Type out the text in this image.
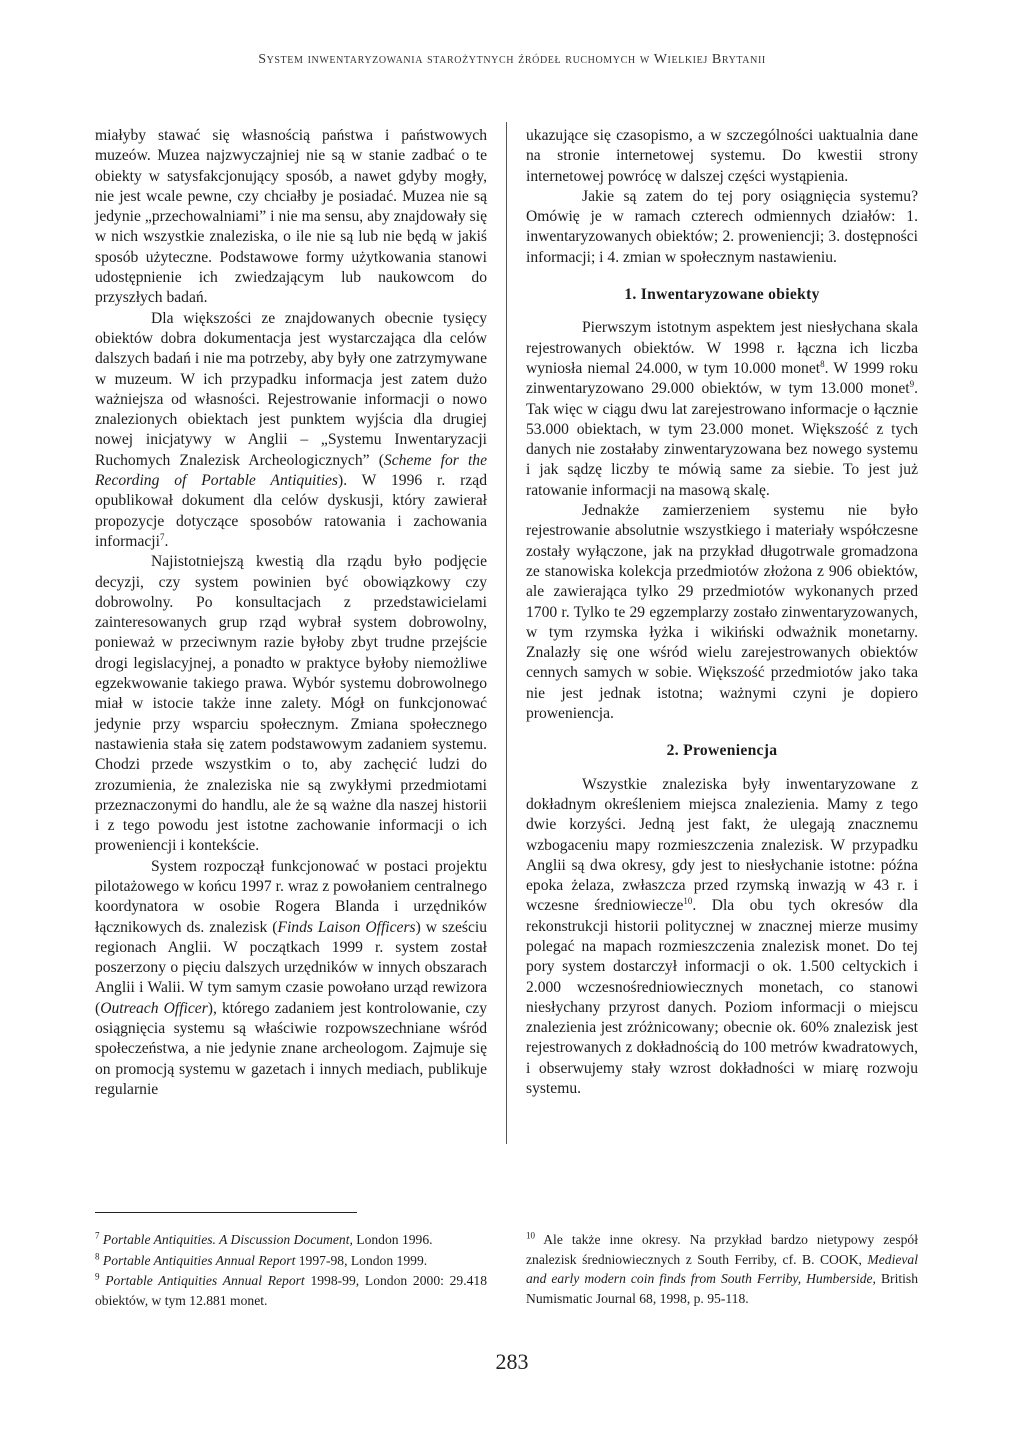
System inwentaryzowania starożytnych źródeł ruchomych w Wielkiej Brytanii

miałyby stawać się własnością państwa i państwowych muzeów. Muzea najzwyczajniej nie są w stanie zadbać o te obiekty w satysfakcjonujący sposób, a nawet gdyby mogły, nie jest wcale pewne, czy chciałby je posiadać. Muzea nie są jedynie „przechowalniami” i nie ma sensu, aby znajdowały się w nich wszystkie znaleziska, o ile nie są lub nie będą w jakiś sposób użyteczne. Podstawowe formy użytkowania stanowi udostępnienie ich zwiedzającym lub naukowcom do przyszłych badań.

Dla większości ze znajdowanych obecnie tysięcy obiektów dobra dokumentacja jest wystarczająca dla celów dalszych badań i nie ma potrzeby, aby były one zatrzymywane w muzeum. W ich przypadku informacja jest zatem dużo ważniejsza od własności. Rejestrowanie informacji o nowo znalezionych obiektach jest punktem wyjścia dla drugiej nowej inicjatywy w Anglii – „Systemu Inwentaryzacji Ruchomych Znalezisk Archeologicznych” (Scheme for the Recording of Portable Antiquities). W 1996 r. rząd opublikował dokument dla celów dyskusji, który zawierał propozycje dotyczące sposobów ratowania i zachowania informacji$^7$.

Najistotniejszą kwestią dla rządu było podjęcie decyzji, czy system powinien być obowiązkowy czy dobrowolny. Po konsultacjach z przedstawicielami zainteresowanych grup rząd wybrał system dobrowolny, ponieważ w przeciwnym razie byłoby zbyt trudne przejście drogi legislacyjnej, a ponadto w praktyce byłoby niemożliwe egzekwowanie takiego prawa. Wybór systemu dobrowolnego miał w istocie także inne zalety. Mógł on funkcjonować jedynie przy wsparciu społecznym. Zmiana społecznego nastawienia stała się zatem podstawowym zadaniem systemu. Chodzi przede wszystkim o to, aby zachęcić ludzi do zrozumienia, że znaleziska nie są zwykłymi przedmiotami przeznaczonymi do handlu, ale że są ważne dla naszej historii i z tego powodu jest istotne zachowanie informacji o ich proweniencji i kontekście.

System rozpoczął funkcjonować w postaci projektu pilotażowego w końcu 1997 r. wraz z powołaniem centralnego koordynatora w osobie Rogera Blanda i urzędników łącznikowych ds. znalezisk (Finds Laison Officers) w sześciu regionach Anglii. W początkach 1999 r. system został poszerzony o pięciu dalszych urzędników w innych obszarach Anglii i Walii. W tym samym czasie powołano urząd rewizora (Outreach Officer), którego zadaniem jest kontrolowanie, czy osiągnięcia systemu są właściwie rozpowszechniane wśród społeczeństwa, a nie jedynie znane archeologom. Zajmuje się on promocją systemu w gazetach i innych mediach, publikuje regularnie

ukazujące się czasopismo, a w szczególności uaktualnia dane na stronie internetowej systemu. Do kwestii strony internetowej powrócę w dalszej części wystąpienia.

Jakie są zatem do tej pory osiągnięcia systemu? Omówię je w ramach czterech odmiennych działów: 1. inwentaryzowanych obiektów; 2. proweniencji; 3. dostępności informacji; i 4. zmian w społecznym nastawieniu.

1. Inwentaryzowane obiekty

Pierwszym istotnym aspektem jest niesłychana skala rejestrowanych obiektów. W 1998 r. łączna ich liczba wyniosła niemal 24.000, w tym 10.000 monet$^8$. W 1999 roku zinwentaryzowano 29.000 obiektów, w tym 13.000 monet$^9$. Tak więc w ciągu dwu lat zarejestrowano informacje o łącznie 53.000 obiektach, w tym 23.000 monet. Większość z tych danych nie zostałaby zinwentaryzowana bez nowego systemu i jak sądzę liczby te mówią same za siebie. To jest już ratowanie informacji na masową skalę.

Jednakże zamierzeniem systemu nie było rejestrowanie absolutnie wszystkiego i materiały współczesne zostały wyłączone, jak na przykład długotrwale gromadzona ze stanowiska kolekcja przedmiotów złożona z 906 obiektów, ale zawierająca tylko 29 przedmiotów wykonanych przed 1700 r. Tylko te 29 egzemplarzy zostało zinwentaryzowanych, w tym rzymska łyżka i wikiński odważnik monetarny. Znalazły się one wśród wielu zarejestrowanych obiektów cennych samych w sobie. Większość przedmiotów jako taka nie jest jednak istotna; ważnymi czyni je dopiero proweniencja.

2. Proweniencja

Wszystkie znaleziska były inwentaryzowane z dokładnym określeniem miejsca znalezienia. Mamy z tego dwie korzyści. Jedną jest fakt, że ulegają znacznemu wzbogaceniu mapy rozmieszczenia znalezisk. W przypadku Anglii są dwa okresy, gdy jest to niesłychanie istotne: późna epoka żelaza, zwłaszcza przed rzymską inwazją w 43 r. i wczesne średniowiecze$^{10}$. Dla obu tych okresów dla rekonstrukcji historii politycznej w znacznej mierze musimy polegać na mapach rozmieszczenia znalezisk monet. Do tej pory system dostarczył informacji o ok. 1.500 celtyckich i 2.000 wczesnośredniowiecznych monetach, co stanowi niesłychany przyrost danych. Poziom informacji o miejscu znalezienia jest zróżnicowany; obecnie ok. 60% znalezisk jest rejestrowanych z dokładnością do 100 metrów kwadratowych, i obserwujemy stały wzrost dokładności w miarę rozwoju systemu.

$^7$ Portable Antiquities. A Discussion Document, London 1996.

$^8$ Portable Antiquities Annual Report 1997-98, London 1999.

$^9$ Portable Antiquities Annual Report 1998-99, London 2000: 29.418 obiektów, w tym 12.881 monet.

$^{10}$ Ale także inne okresy. Na przykład bardzo nietypowy zespół znalezisk średniowiecznych z South Ferriby, cf. B. COOK, Medieval and early modern coin finds from South Ferriby, Humberside, British Numismatic Journal 68, 1998, p. 95-118.

283
